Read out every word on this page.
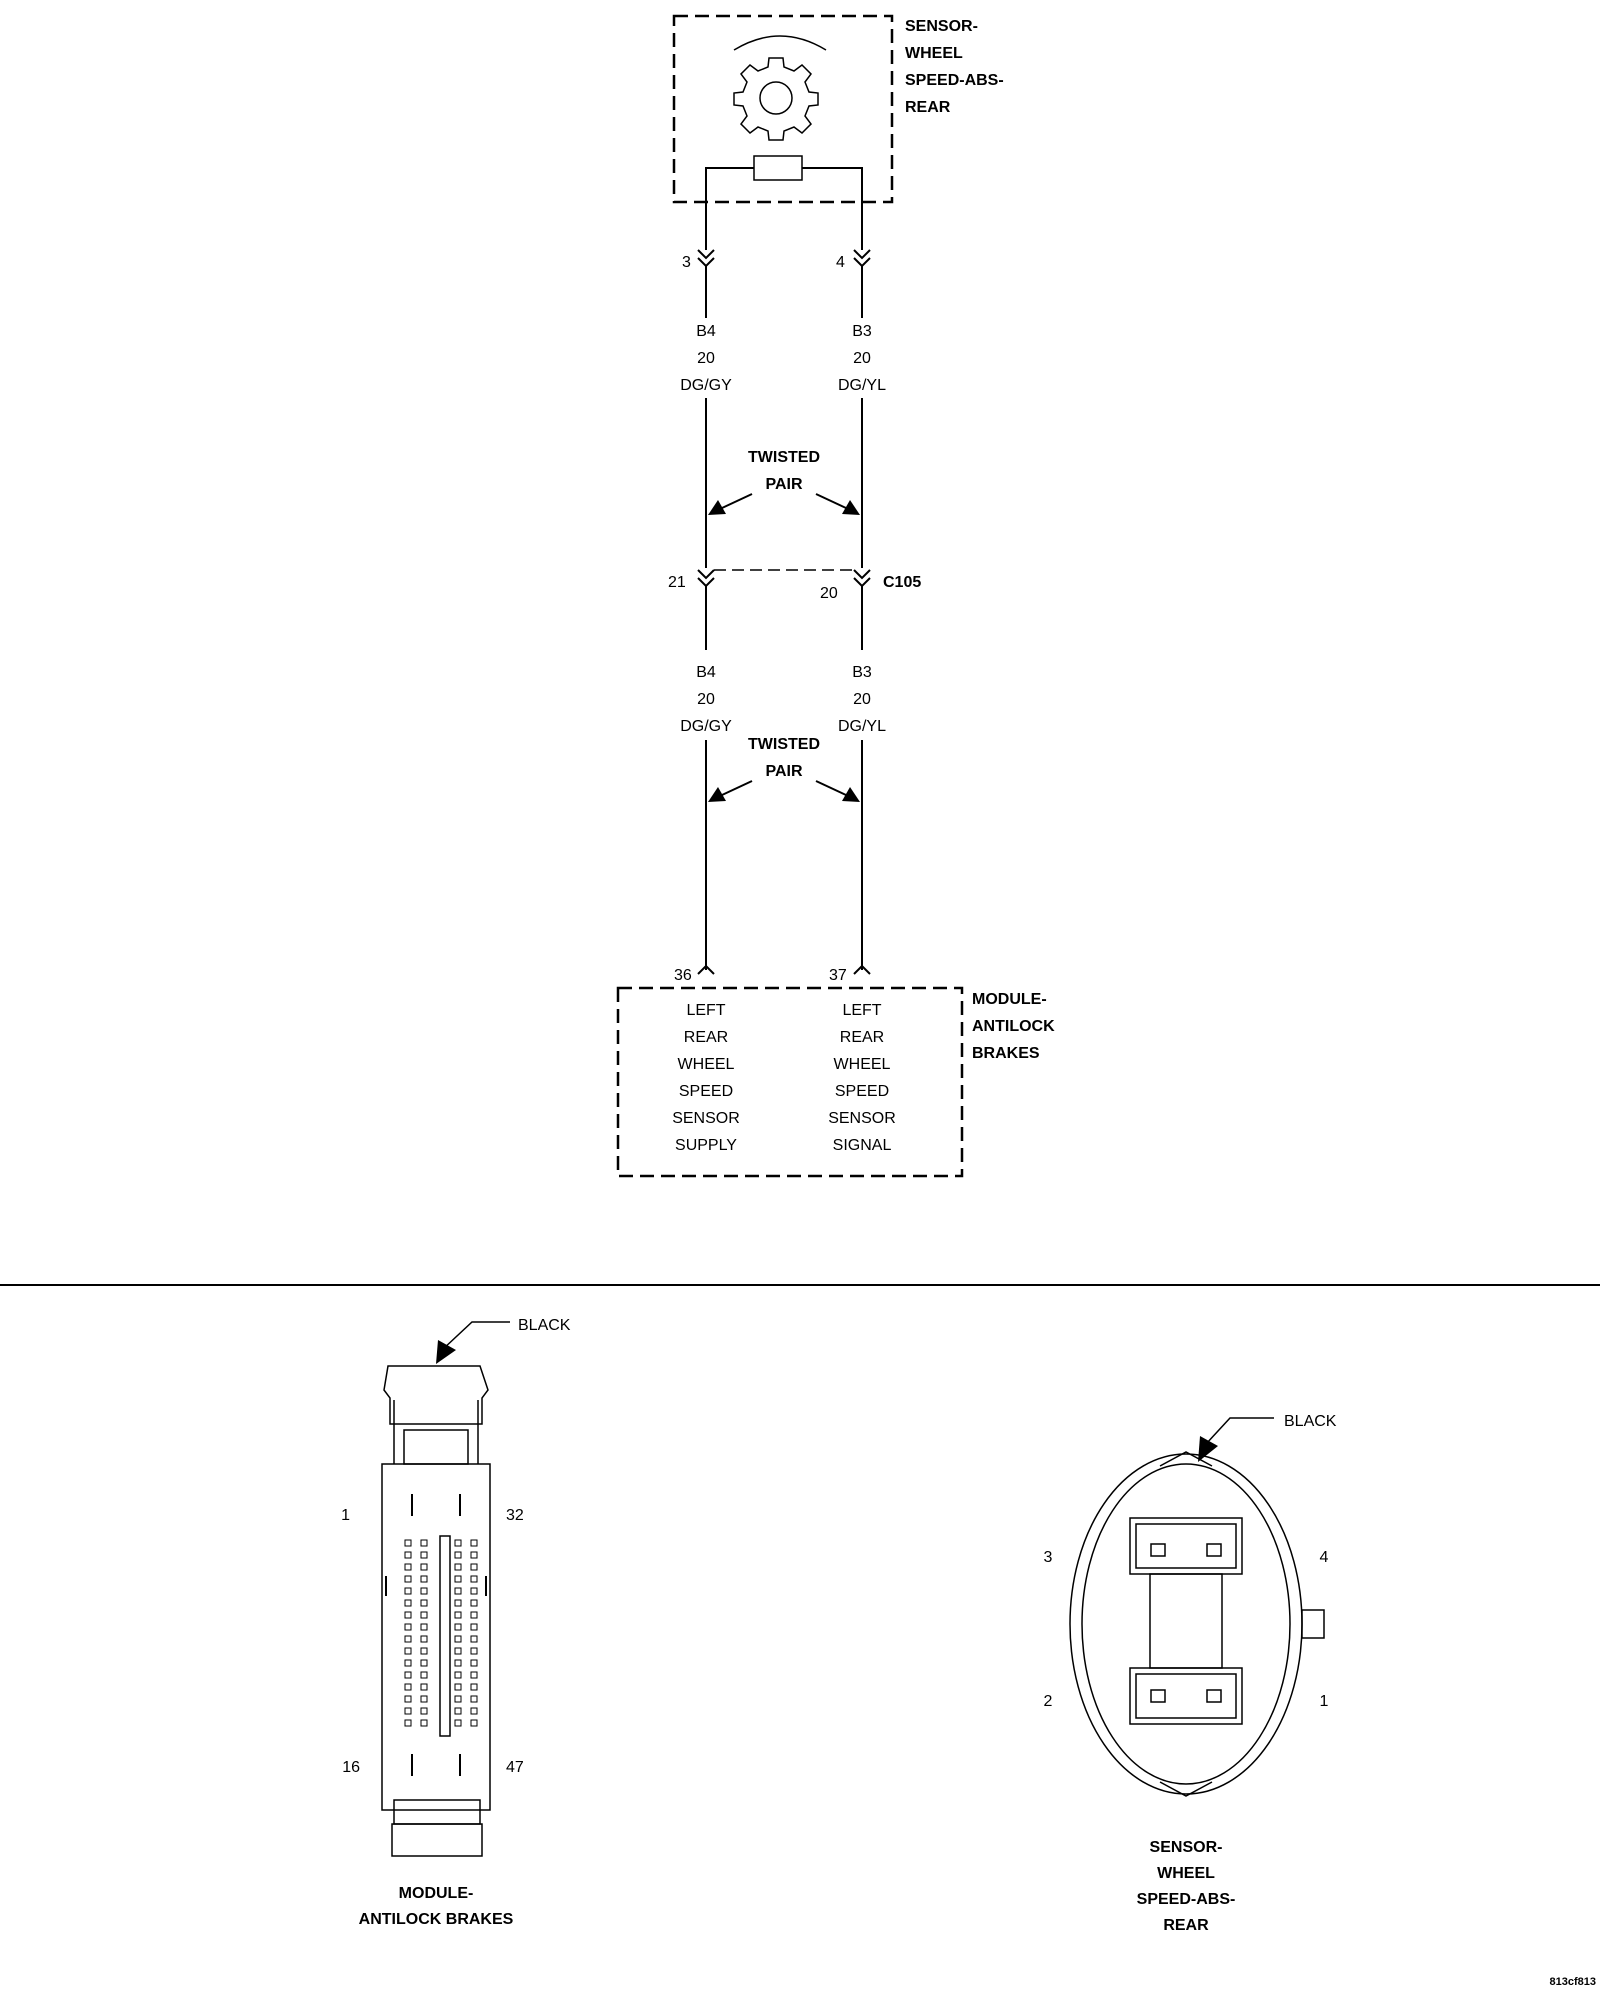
SENSOR-
WHEEL
SPEED-ABS-
REAR
3	4
B4
20
DG/GY
B3
20
DG/YL
TWISTED
PAIR
21
20
C105
B4
20
DG/GY
B3
20
DG/YL
TWISTED
PAIR
36	37
LEFT
REAR
WHEEL
SPEED
SENSOR
SUPPLY
LEFT
REAR
WHEEL
SPEED
SENSOR
SIGNAL
MODULE-
ANTILOCK
BRAKES
BLACK
1	32
16	47
MODULE-
ANTILOCK BRAKES
BLACK
3	4
2	1
SENSOR-
WHEEL
SPEED-ABS-
REAR
813cf813
